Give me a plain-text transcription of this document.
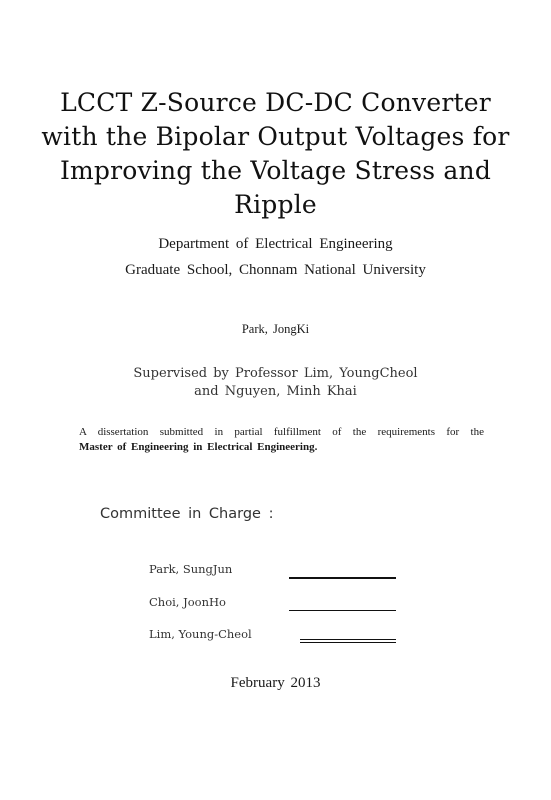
LCCT Z-Source DC-DC Converter
with the Bipolar Output Voltages for
Improving the Voltage Stress and
Ripple
Department of Electrical Engineering
Graduate School, Chonnam National University
Park, JongKi
Supervised by Professor Lim, YoungCheol
and Nguyen, Minh Khai
A dissertation submitted in partial fulfillment of the requirements for the
Master of Engineering in Electrical Engineering.
Committee in Charge :
Park, SungJun
Choi, JoonHo
Lim, Young-Cheol
February 2013
